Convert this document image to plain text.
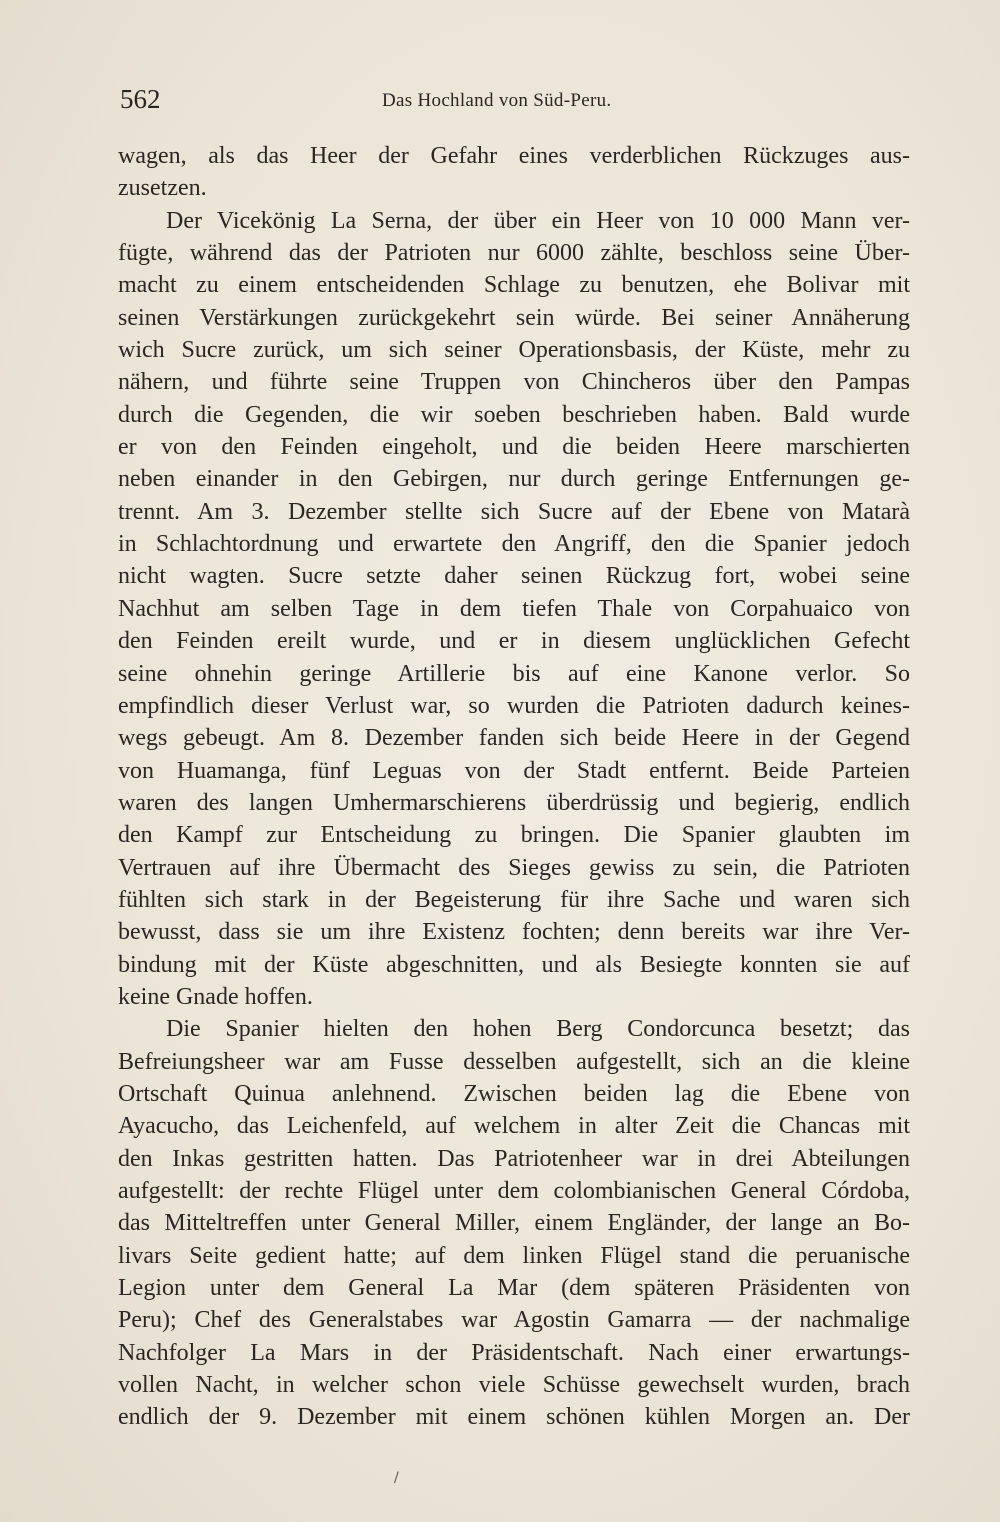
562	Das Hochland von Süd-Peru.
wagen, als das Heer der Gefahr eines verderblichen Rückzuges aus-
zusetzen.
Der Vicekönig La Serna, der über ein Heer von 10 000 Mann ver-
fügte, während das der Patrioten nur 6000 zählte, beschloss seine Über-
macht zu einem entscheidenden Schlage zu benutzen, ehe Bolivar mit
seinen Verstärkungen zurückgekehrt sein würde. Bei seiner Annäherung
wich Sucre zurück, um sich seiner Operationsbasis, der Küste, mehr zu
nähern, und führte seine Truppen von Chincheros über den Pampas
durch die Gegenden, die wir soeben beschrieben haben. Bald wurde
er von den Feinden eingeholt, und die beiden Heere marschierten
neben einander in den Gebirgen, nur durch geringe Entfernungen ge-
trennt. Am 3. Dezember stellte sich Sucre auf der Ebene von Matarà
in Schlachtordnung und erwartete den Angriff, den die Spanier jedoch
nicht wagten. Sucre setzte daher seinen Rückzug fort, wobei seine
Nachhut am selben Tage in dem tiefen Thale von Corpahuaico von
den Feinden ereilt wurde, und er in diesem unglücklichen Gefecht
seine ohnehin geringe Artillerie bis auf eine Kanone verlor. So
empfindlich dieser Verlust war, so wurden die Patrioten dadurch keines-
wegs gebeugt. Am 8. Dezember fanden sich beide Heere in der Gegend
von Huamanga, fünf Leguas von der Stadt entfernt. Beide Parteien
waren des langen Umhermarschierens überdrüssig und begierig, endlich
den Kampf zur Entscheidung zu bringen. Die Spanier glaubten im
Vertrauen auf ihre Übermacht des Sieges gewiss zu sein, die Patrioten
fühlten sich stark in der Begeisterung für ihre Sache und waren sich
bewusst, dass sie um ihre Existenz fochten; denn bereits war ihre Ver-
bindung mit der Küste abgeschnitten, und als Besiegte konnten sie auf
keine Gnade hoffen.
Die Spanier hielten den hohen Berg Condorcunca besetzt; das
Befreiungsheer war am Fusse desselben aufgestellt, sich an die kleine
Ortschaft Quinua anlehnend. Zwischen beiden lag die Ebene von
Ayacucho, das Leichenfeld, auf welchem in alter Zeit die Chancas mit
den Inkas gestritten hatten. Das Patriotenheer war in drei Abteilungen
aufgestellt: der rechte Flügel unter dem colombianischen General Córdoba,
das Mitteltreffen unter General Miller, einem Engländer, der lange an Bo-
livars Seite gedient hatte; auf dem linken Flügel stand die peruanische
Legion unter dem General La Mar (dem späteren Präsidenten von
Peru); Chef des Generalstabes war Agostin Gamarra — der nachmalige
Nachfolger La Mars in der Präsidentschaft. Nach einer erwartungs-
vollen Nacht, in welcher schon viele Schüsse gewechselt wurden, brach
endlich der 9. Dezember mit einem schönen kühlen Morgen an. Der
/
